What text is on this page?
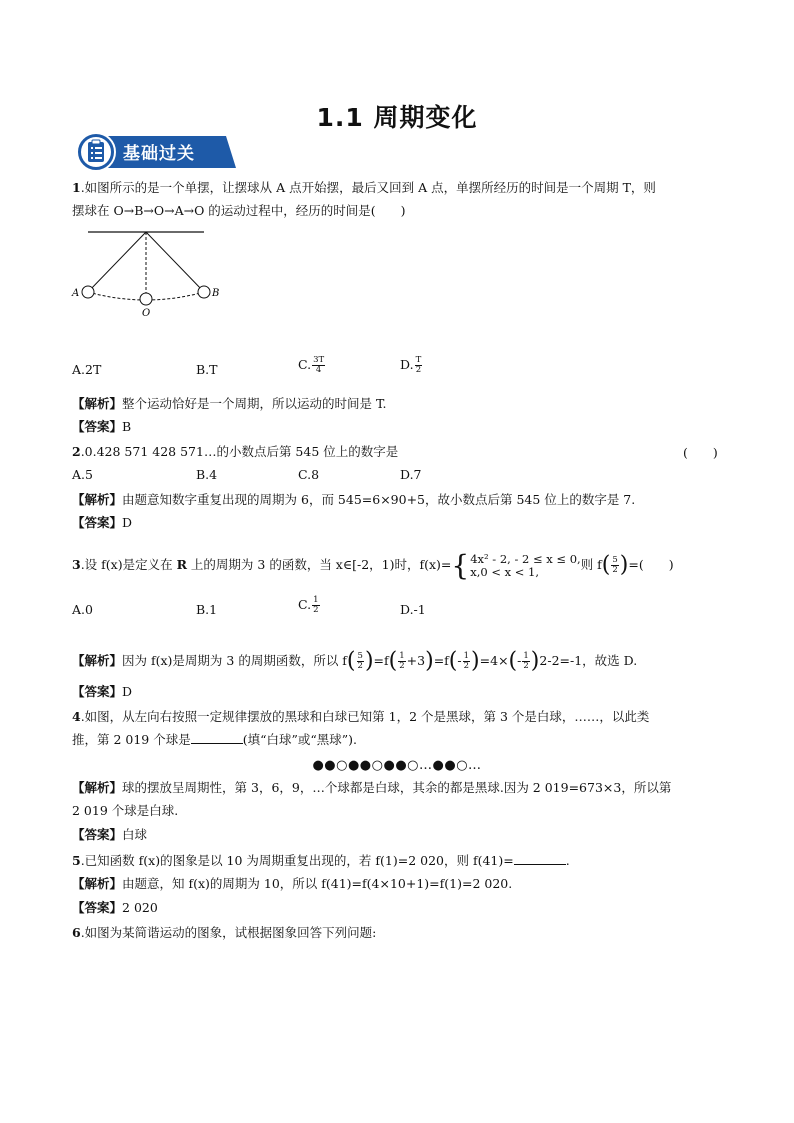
1.1 周期变化
基础过关
1.如图所示的是一个单摆，让摆球从 A 点开始摆，最后又回到 A 点，单摆所经历的时间是一个周期 T，则
摆球在 O→B→O→A→O 的运动过程中，经历的时间是(　　)
A
O
B
A.2T	B.T	C. $\frac{3T}{4}$	D. $\frac{T}{2}$
【解析】整个运动恰好是一个周期，所以运动的时间是 T.
【答案】B
2.0.428 571 428 571…的小数点后第 545 位上的数字是	(　　)
A.5	B.4	C.8	D.7
【解析】由题意知数字重复出现的周期为 6，而 545=6×90+5，故小数点后第 545 位上的数字是 7.
【答案】D
3.设 f(x)是定义在 R 上的周期为 3 的函数，当 x∈[-2，1)时，f(x)={ 4x² - 2, - 2 ≤ x ≤ 0,
x,0 < x < 1,	则 $f( \frac{5}{2}$ )=(　　)
A.0	B.1	C. $\frac{1}{2}$	D.-1
【解析】因为 f(x)是周期为 3 的周期函数，所以 $f( \frac{5}{2} )=f( \frac{1}{2} +3)=f(- \frac{1}{2} )=4\times(- \frac{1}{2} )2-2=-1$，故选 D.
【答案】D
4.如图，从左向右按照一定规律摆放的黑球和白球已知第 1，2 个是黑球，第 3 个是白球，……，以此类
推，第 2 019 个球是	(填“白球”或“黑球”).
●●○●●○●●○…●●○…
【解析】球的摆放呈周期性，第 3，6，9，…个球都是白球，其余的都是黑球.因为 2 019=673×3，所以第
2 019 个球是白球.
【答案】白球
5.已知函数 f(x)的图象是以 10 为周期重复出现的，若 f(1)=2 020，则 f(41)=	.
【解析】由题意，知 f(x)的周期为 10，所以 f(41)=f(4×10+1)=f(1)=2 020.
【答案】2 020
6.如图为某简谐运动的图象，试根据图象回答下列问题:
